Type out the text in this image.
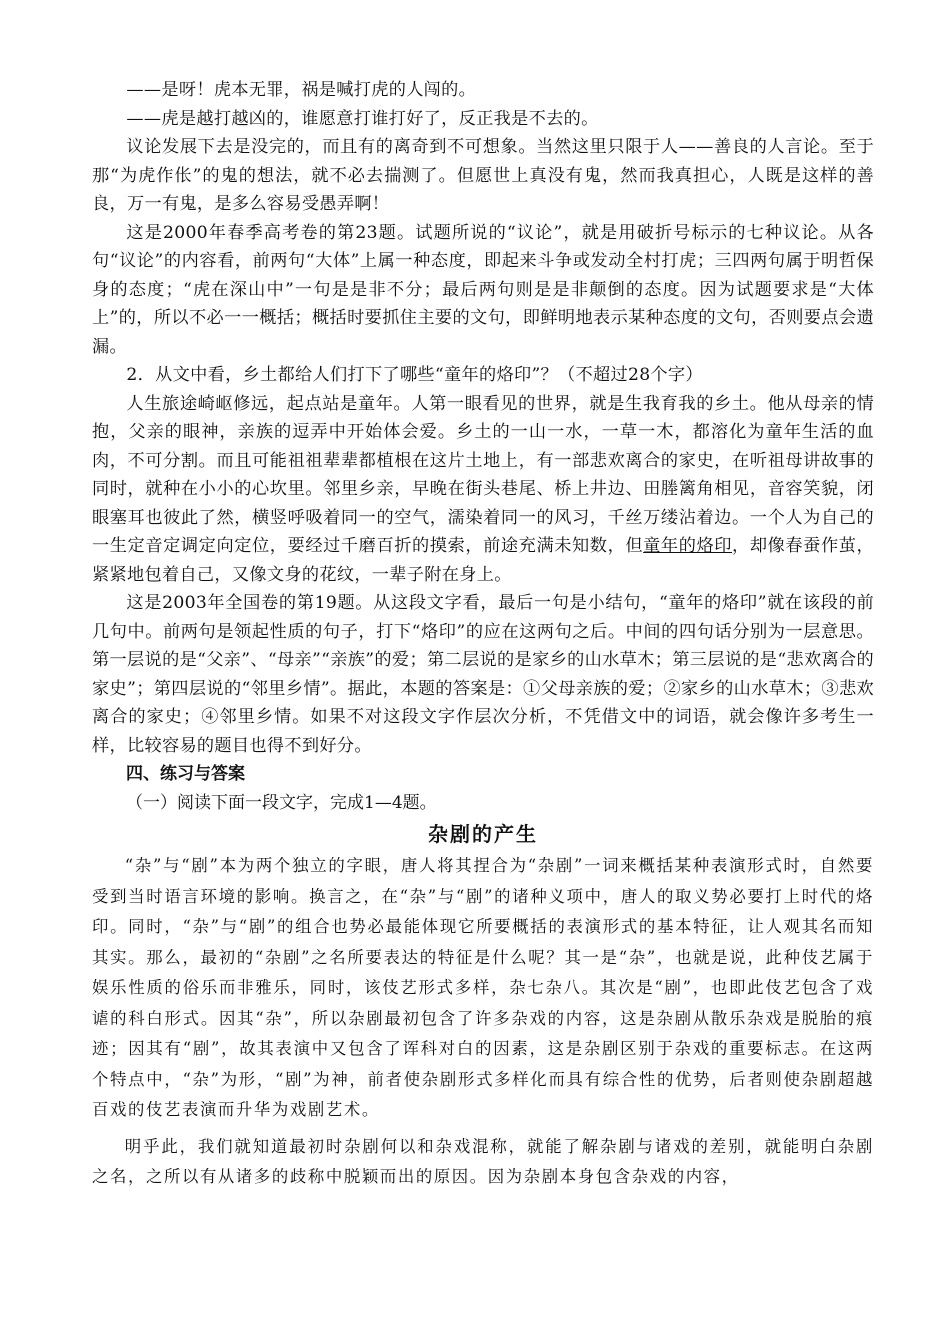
——是呀！虎本无罪，祸是喊打虎的人闯的。

——虎是越打越凶的，谁愿意打谁打好了，反正我是不去的。

议论发展下去是没完的，而且有的离奇到不可想象。当然这里只限于人——善良的人言论。至于那“为虎作伥”的鬼的想法，就不必去揣测了。但愿世上真没有鬼，然而我真担心，人既是这样的善良，万一有鬼，是多么容易受愚弄啊！

这是2000年春季高考卷的第23题。试题所说的“议论”，就是用破折号标示的七种议论。从各句“议论”的内容看，前两句“大体”上属一种态度，即起来斗争或发动全村打虎；三四两句属于明哲保身的态度；“虎在深山中”一句是是非不分；最后两句则是是非颠倒的态度。因为试题要求是“大体上”的，所以不必一一概括；概括时要抓住主要的文句，即鲜明地表示某种态度的文句，否则要点会遗漏。

2．从文中看，乡土都给人们打下了哪些“童年的烙印”？（不超过28个字）

人生旅途崎岖修远，起点站是童年。人第一眼看见的世界，就是生我育我的乡土。他从母亲的情抱，父亲的眼神，亲族的逗弄中开始体会爱。乡土的一山一水，一草一木，都溶化为童年生活的血肉，不可分割。而且可能祖祖辈辈都植根在这片土地上，有一部悲欢离合的家史，在听祖母讲故事的同时，就种在小小的心坎里。邻里乡亲，早晚在街头巷尾、桥上井边、田塍篱角相见，音容笑貌，闭眼塞耳也彼此了然，横竖呼吸着同一的空气，濡染着同一的风习，千丝万缕沾着边。一个人为自己的一生定音定调定向定位，要经过千磨百折的摸索，前途充满未知数，但童年的烙印，却像春蚕作茧，紧紧地包着自己，又像文身的花纹，一辈子附在身上。

这是2003年全国卷的第19题。从这段文字看，最后一句是小结句，“童年的烙印”就在该段的前几句中。前两句是领起性质的句子，打下“烙印”的应在这两句之后。中间的四句话分别为一层意思。第一层说的是“父亲”、“母亲”“亲族”的爱；第二层说的是家乡的山水草木；第三层说的是“悲欢离合的家史”；第四层说的“邻里乡情”。据此，本题的答案是：①父母亲族的爱；②家乡的山水草木；③悲欢离合的家史；④邻里乡情。如果不对这段文字作层次分析，不凭借文中的词语，就会像许多考生一样，比较容易的题目也得不到好分。

四、练习与答案

（一）阅读下面一段文字，完成1—4题。

杂剧的产生

“杂”与“剧”本为两个独立的字眼，唐人将其捏合为“杂剧”一词来概括某种表演形式时，自然要受到当时语言环境的影响。换言之，在“杂”与“剧”的诸种义项中，唐人的取义势必要打上时代的烙印。同时，“杂”与“剧”的组合也势必最能体现它所要概括的表演形式的基本特征，让人观其名而知其实。那么，最初的“杂剧”之名所要表达的特征是什么呢？其一是“杂”，也就是说，此种伎艺属于娱乐性质的俗乐而非雅乐，同时，该伎艺形式多样，杂七杂八。其次是“剧”，也即此伎艺包含了戏谑的科白形式。因其“杂”，所以杂剧最初包含了许多杂戏的内容，这是杂剧从散乐杂戏是脱胎的痕迹；因其有“剧”，故其表演中又包含了诨科对白的因素，这是杂剧区别于杂戏的重要标志。在这两个特点中，“杂”为形，“剧”为神，前者使杂剧形式多样化而具有综合性的优势，后者则使杂剧超越百戏的伎艺表演而升华为戏剧艺术。

明乎此，我们就知道最初时杂剧何以和杂戏混称，就能了解杂剧与诸戏的差别，就能明白杂剧之名，之所以有从诸多的歧称中脱颖而出的原因。因为杂剧本身包含杂戏的内容，
